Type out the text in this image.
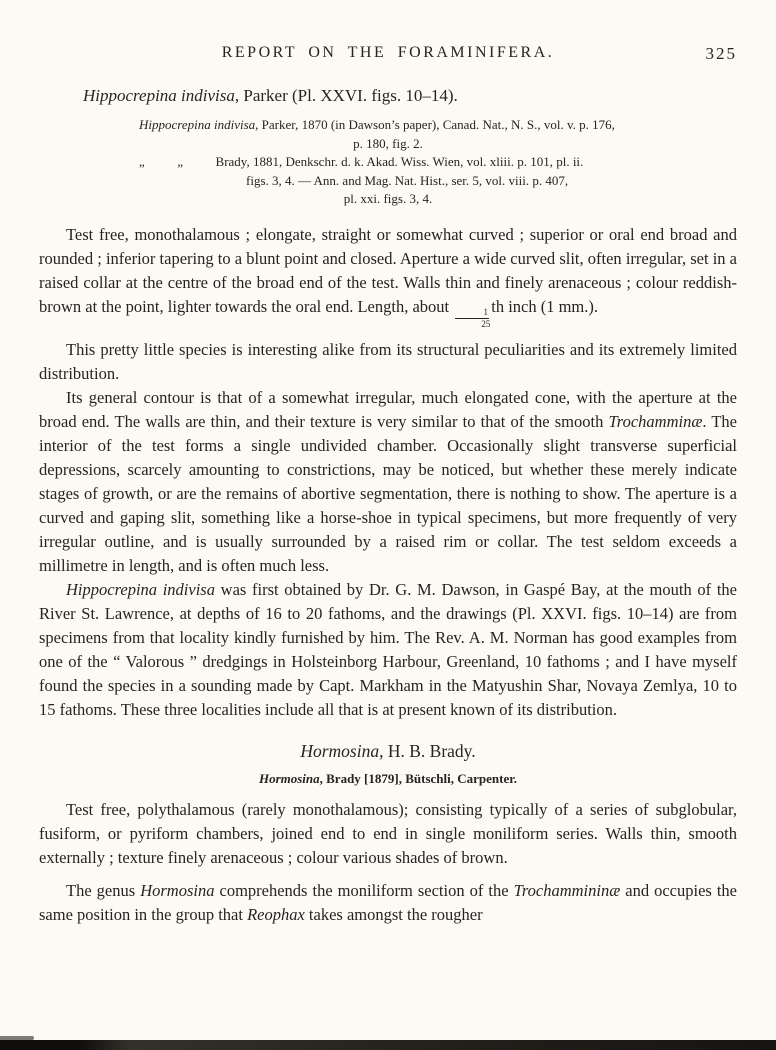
REPORT ON THE FORAMINIFERA.	325
Hippocrepina indivisa, Parker (Pl. XXVI. figs. 10–14).
Hippocrepina indivisa, Parker, 1870 (in Dawson’s paper), Canad. Nat., N. S., vol. v. p. 176,
p. 180, fig. 2.
„   „   Brady, 1881, Denkschr. d. k. Akad. Wiss. Wien, vol. xliii. p. 101, pl. ii.
figs. 3, 4. — Ann. and Mag. Nat. Hist., ser. 5, vol. viii. p. 407,
pl. xxi. figs. 3, 4.
Test free, monothalamous ; elongate, straight or somewhat curved ; superior or oral end broad and rounded ; inferior tapering to a blunt point and closed. Aperture a wide curved slit, often irregular, set in a raised collar at the centre of the broad end of the test. Walls thin and finely arenaceous ; colour reddish-brown at the point, lighter towards the oral end. Length, about
$\frac{1}{25}$
th inch (1 mm.).
This pretty little species is interesting alike from its structural peculiarities and its extremely limited distribution.
Its general contour is that of a somewhat irregular, much elongated cone, with the aperture at the broad end. The walls are thin, and their texture is very similar to that of the smooth Trochamminæ. The interior of the test forms a single undivided chamber. Occasionally slight transverse superficial depressions, scarcely amounting to constrictions, may be noticed, but whether these merely indicate stages of growth, or are the remains of abortive segmentation, there is nothing to show. The aperture is a curved and gaping slit, something like a horse-shoe in typical specimens, but more frequently of very irregular outline, and is usually surrounded by a raised rim or collar. The test seldom exceeds a millimetre in length, and is often much less.
Hippocrepina indivisa was first obtained by Dr. G. M. Dawson, in Gaspé Bay, at the mouth of the River St. Lawrence, at depths of 16 to 20 fathoms, and the drawings (Pl. XXVI. figs. 10–14) are from specimens from that locality kindly furnished by him. The Rev. A. M. Norman has good examples from one of the “ Valorous ” dredgings in Holsteinborg Harbour, Greenland, 10 fathoms ; and I have myself found the species in a sounding made by Capt. Markham in the Matyushin Shar, Novaya Zemlya, 10 to 15 fathoms. These three localities include all that is at present known of its distribution.
Hormosina, H. B. Brady.
Hormosina, Brady [1879], Bütschli, Carpenter.
Test free, polythalamous (rarely monothalamous); consisting typically of a series of subglobular, fusiform, or pyriform chambers, joined end to end in single moniliform series. Walls thin, smooth externally ; texture finely arenaceous ; colour various shades of brown.
The genus Hormosina comprehends the moniliform section of the Trochammininæ and occupies the same position in the group that Reophax takes amongst the rougher
